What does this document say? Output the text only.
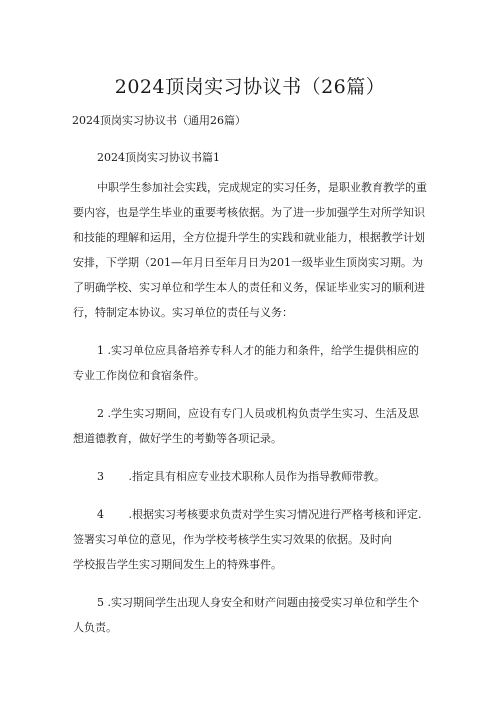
2024顶岗实习协议书（26篇）
2024顶岗实习协议书（通用26篇）
2024顶岗实习协议书篇1
中职学生参加社会实践，完成规定的实习任务，是职业教育教学的重
要内容，也是学生毕业的重要考核依据。为了进一步加强学生对所学知识
和技能的理解和运用，全方位提升学生的实践和就业能力，根据教学计划
安排，下学期（201—年月日至年月日为201一级毕业生顶岗实习期。为
了明确学校、实习单位和学生本人的责任和义务，保证毕业实习的顺利进
行，特制定本协议。实习单位的责任与义务：
1 .实习单位应具备培养专科人才的能力和条件，给学生提供相应的
专业工作岗位和食宿条件。
2 .学生实习期间，应设有专门人员或机构负责学生实习、生活及思
想道德教育，做好学生的考勤等各项记录。
3 .指定具有相应专业技术职称人员作为指导教师带教。
4 .根据实习考核要求负责对学生实习情况进行严格考核和评定.
签署实习单位的意见，作为学校考核学生实习效果的依据。及时向
学校报告学生实习期间发生上的特殊事件。
5 .实习期间学生出现人身安全和财产问题由接受实习单位和学生个
人负责。
